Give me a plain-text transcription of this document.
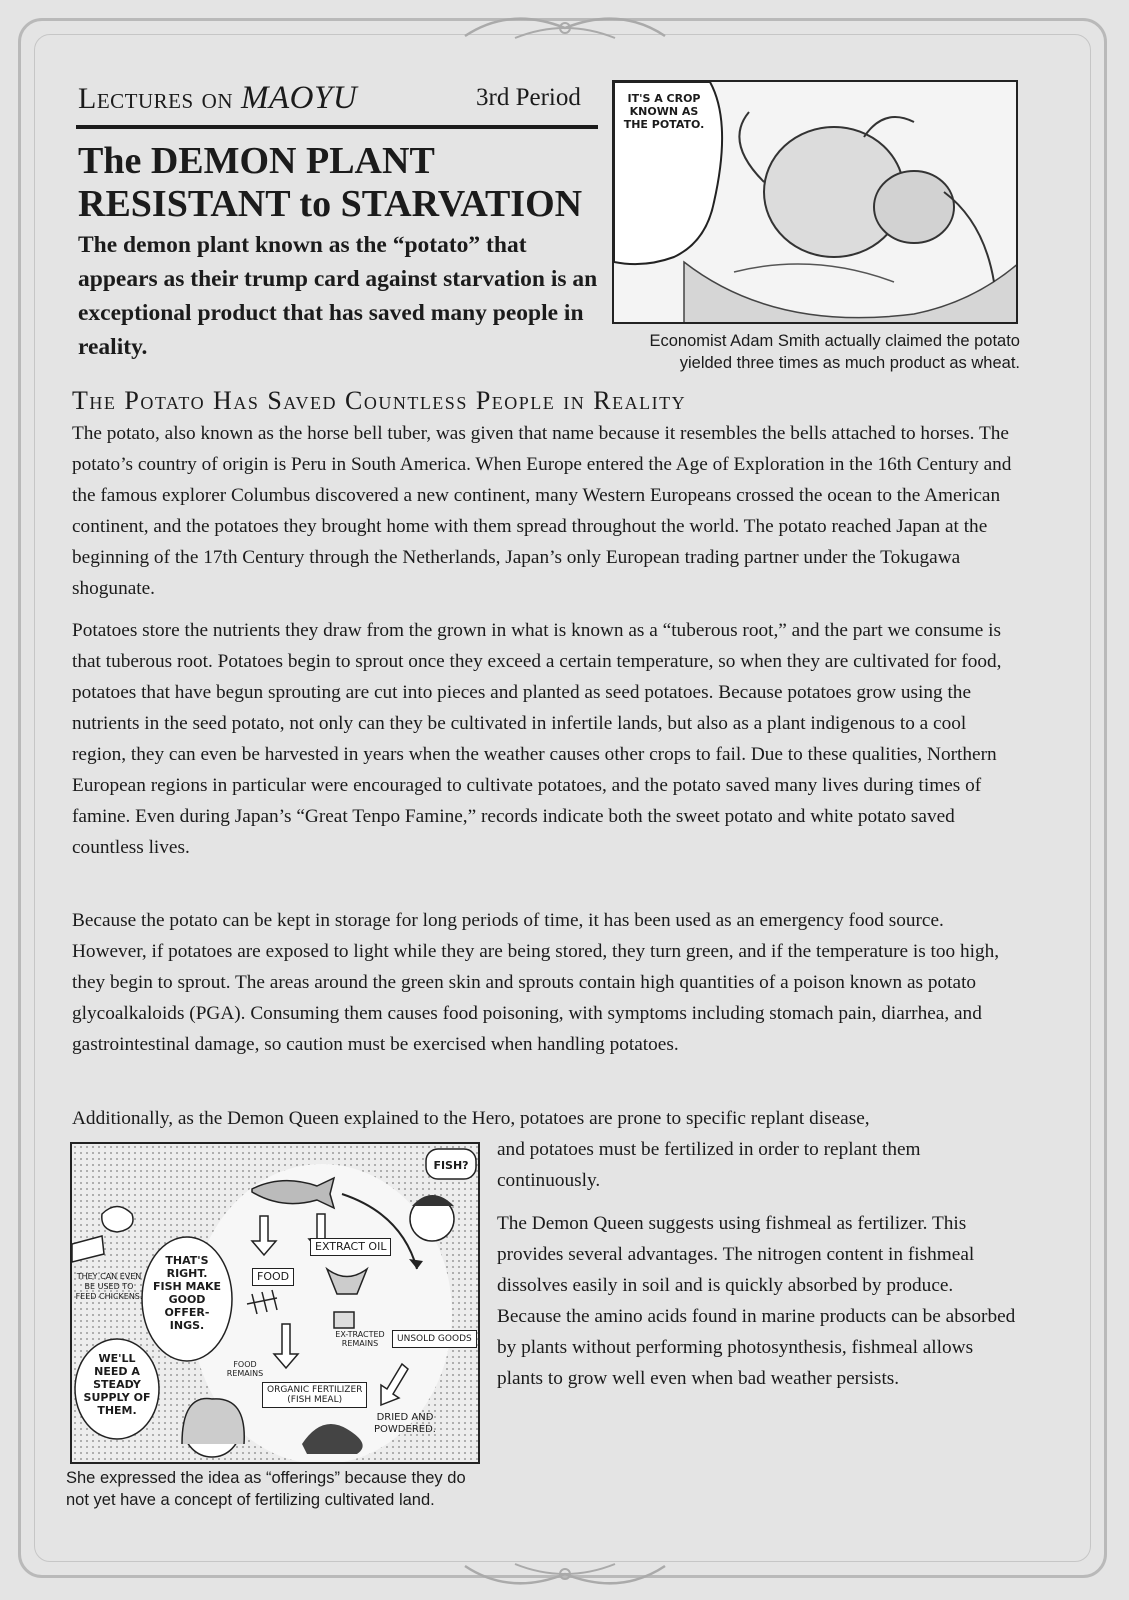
Lectures on MAOYU	3rd Period
The DEMON PLANT
RESISTANT to STARVATION
The demon plant known as the “potato” that appears as their trump card against starvation is an exceptional product that has saved many people in reality.
IT'S A CROP KNOWN AS THE POTATO.
Economist Adam Smith actually claimed the potato
yielded three times as much product as wheat.
The Potato Has Saved Countless People in Reality

The potato, also known as the horse bell tuber, was given that name because it resembles the bells attached to horses. The potato’s country of origin is Peru in South America. When Europe entered the Age of Exploration in the 16th Century and the famous explorer Columbus discovered a new continent, many Western Europeans crossed the ocean to the American continent, and the potatoes they brought home with them spread throughout the world. The potato reached Japan at the beginning of the 17th Century through the Netherlands, Japan’s only European trading partner under the Tokugawa shogunate.

Potatoes store the nutrients they draw from the grown in what is known as a “tuberous root,” and the part we consume is that tuberous root. Potatoes begin to sprout once they exceed a certain temperature, so when they are cultivated for food, potatoes that have begun sprouting are cut into pieces and planted as seed potatoes. Because potatoes grow using the nutrients in the seed potato, not only can they be cultivated in infertile lands, but also as a plant indigenous to a cool region, they can even be harvested in years when the weather causes other crops to fail. Due to these qualities, Northern European regions in particular were encouraged to cultivate potatoes, and the potato saved many lives during times of famine. Even during Japan’s “Great Tenpo Famine,” records indicate both the sweet potato and white potato saved countless lives.

Because the potato can be kept in storage for long periods of time, it has been used as an emergency food source. However, if potatoes are exposed to light while they are being stored, they turn green, and if the temperature is too high, they begin to sprout. The areas around the green skin and sprouts contain high quantities of a poison known as potato glycoalkaloids (PGA). Consuming them causes food poisoning, with symptoms including stomach pain, diarrhea, and gastrointestinal damage, so caution must be exercised when handling potatoes.

Additionally, as the Demon Queen explained to the Hero, potatoes are prone to specific replant disease,

and potatoes must be fertilized in order to replant them continuously.

The Demon Queen suggests using fishmeal as fertilizer. This provides several advantages. The nitrogen content in fishmeal dissolves easily in soil and is quickly absorbed by produce. Because the amino acids found in marine products can be absorbed by plants without performing photosynthesis, fishmeal allows plants to grow well even when bad weather persists.

FISH?
EXTRACT OIL
FOOD
THEY CAN EVEN BE USED TO FEED CHICKENS.
THAT'S RIGHT. FISH MAKE GOOD OFFER-INGS.
EX-TRACTED REMAINS	UNSOLD GOODS
FOOD REMAINS
ORGANIC FERTILIZER
(FISH MEAL)
WE'LL NEED A STEADY SUPPLY OF THEM.
DRIED AND POWDERED.
She expressed the idea as “offerings” because they do
not yet have a concept of fertilizing cultivated land.
